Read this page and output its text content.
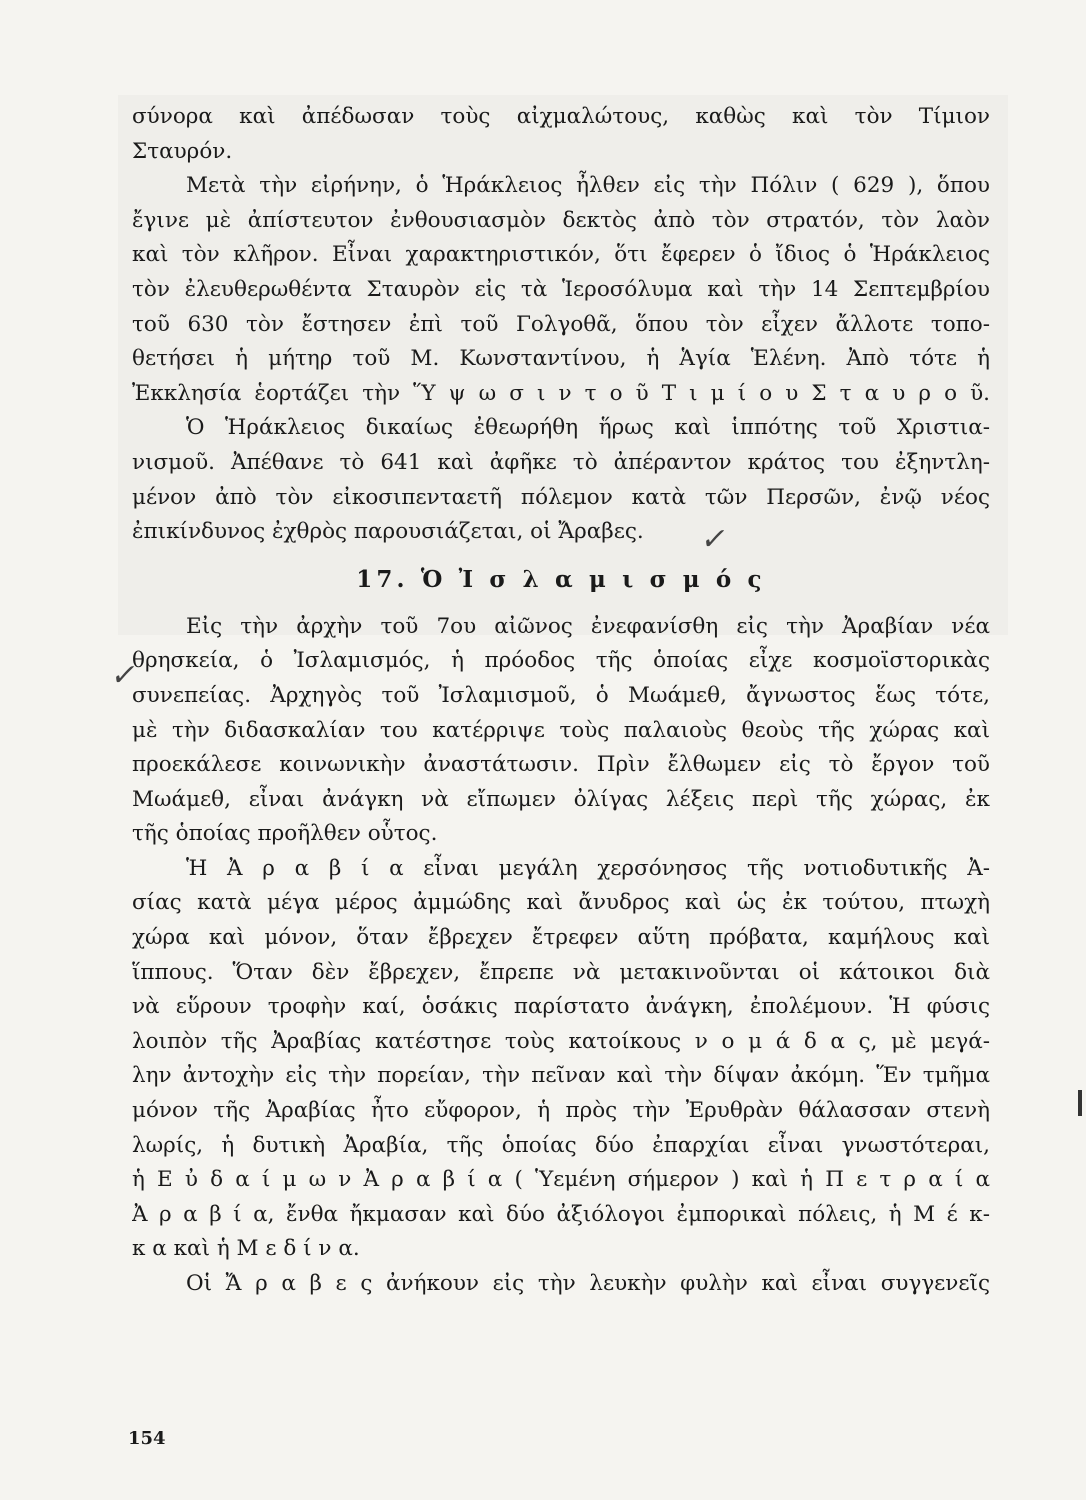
σύνορα καὶ ἀπέδωσαν τοὺς αἰχμαλώτους, καθὼς καὶ τὸν Τίμιον
Σταυρόν.
Μετὰ τὴν εἰρήνην, ὁ Ἡράκλειος ἦλθεν εἰς τὴν Πόλιν ( 629 ), ὅπου
ἔγινε μὲ ἀπίστευτον ἐνθουσιασμὸν δεκτὸς ἀπὸ τὸν στρατόν, τὸν λαὸν
καὶ τὸν κλῆρον. Εἶναι χαρακτηριστικόν, ὅτι ἔφερεν ὁ ἴδιος ὁ Ἡράκλειος
τὸν ἐλευθερωθέντα Σταυρὸν εἰς τὰ Ἱεροσόλυμα καὶ τὴν 14 Σεπτεμβρίου
τοῦ 630 τὸν ἔστησεν ἐπὶ τοῦ Γολγοθᾶ, ὅπου τὸν εἶχεν ἄλλοτε τοπο-
θετήσει ἡ μήτηρ τοῦ Μ. Κωνσταντίνου, ἡ Ἁγία Ἑλένη. Ἀπὸ τότε ἡ
Ἐκκλησία ἑορτάζει τὴν Ὕ ψ ω σ ι ν τ ο ῦ Τ ι μ ί ο υ Σ τ α υ ρ ο ῦ.
Ὁ Ἡράκλειος δικαίως ἐθεωρήθη ἥρως καὶ ἱππότης τοῦ Χριστια-
νισμοῦ. Ἀπέθανε τὸ 641 καὶ ἀφῆκε τὸ ἀπέραντον κράτος του ἐξηντλη-
μένον ἀπὸ τὸν εἰκοσιπενταετῆ πόλεμον κατὰ τῶν Περσῶν, ἐνῷ νέος
ἐπικίνδυνος ἐχθρὸς παρουσιάζεται, οἱ Ἄραβες.
17. Ὁ Ἰ σ λ α μ ι σ μ ό ς
Εἰς τὴν ἀρχὴν τοῦ 7ου αἰῶνος ἐνεφανίσθη εἰς τὴν Ἀραβίαν νέα
θρησκεία, ὁ Ἰσλαμισμός, ἡ πρόοδος τῆς ὁποίας εἶχε κοσμοϊστορικὰς
συνεπείας. Ἀρχηγὸς τοῦ Ἰσλαμισμοῦ, ὁ Μωάμεθ, ἄγνωστος ἕως τότε,
μὲ τὴν διδασκαλίαν του κατέρριψε τοὺς παλαιοὺς θεοὺς τῆς χώρας καὶ
προεκάλεσε κοινωνικὴν ἀναστάτωσιν. Πρὶν ἔλθωμεν εἰς τὸ ἔργον τοῦ
Μωάμεθ, εἶναι ἀνάγκη νὰ εἴπωμεν ὀλίγας λέξεις περὶ τῆς χώρας, ἐκ
τῆς ὁποίας προῆλθεν οὗτος.
Ἡ Ἀ ρ α β ί α εἶναι μεγάλη χερσόνησος τῆς νοτιοδυτικῆς Ἀ-
σίας κατὰ μέγα μέρος ἀμμώδης καὶ ἄνυδρος καὶ ὡς ἐκ τούτου, πτωχὴ
χώρα καὶ μόνον, ὅταν ἔβρεχεν ἔτρεφεν αὕτη πρόβατα, καμήλους καὶ
ἵππους. Ὅταν δὲν ἔβρεχεν, ἔπρεπε νὰ μετακινοῦνται οἱ κάτοικοι διὰ
νὰ εὕρουν τροφὴν καί, ὁσάκις παρίστατο ἀνάγκη, ἐπολέμουν. Ἡ φύσις
λοιπὸν τῆς Ἀραβίας κατέστησε τοὺς κατοίκους ν ο μ ά δ α ς, μὲ μεγά-
λην ἀντοχὴν εἰς τὴν πορείαν, τὴν πεῖναν καὶ τὴν δίψαν ἀκόμη. Ἕν τμῆμα
μόνον τῆς Ἀραβίας ἦτο εὔφορον, ἡ πρὸς τὴν Ἐρυθρὰν θάλασσαν στενὴ
λωρίς, ἡ δυτικὴ Ἀραβία, τῆς ὁποίας δύο ἐπαρχίαι εἶναι γνωστότεραι,
ἡ Ε ὐ δ α ί μ ω ν Ἀ ρ α β ί α ( Ὑεμένη σήμερον ) καὶ ἡ Π ε τ ρ α ί α
Ἀ ρ α β ί α, ἔνθα ἤκμασαν καὶ δύο ἀξιόλογοι ἐμπορικαὶ πόλεις, ἡ Μ έ κ-
κ α καὶ ἡ Μ ε δ ί ν α.
Οἱ Ἄ ρ α β ε ς ἀνήκουν εἰς τὴν λευκὴν φυλὴν καὶ εἶναι συγγενεῖς
✓
✓
154
